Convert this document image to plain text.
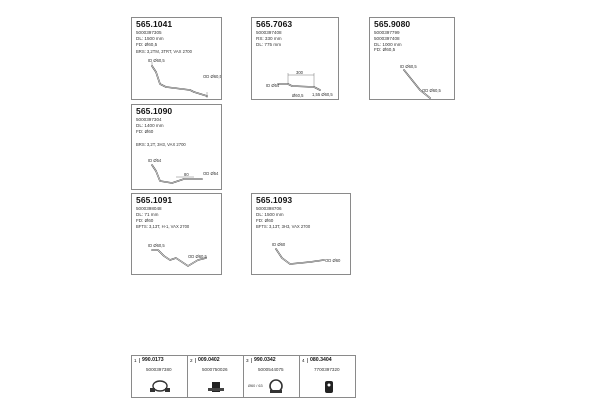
565.1041
5000397305
DL: 1500 mm
FD: Ø60,5
BRS: 3,2TM, 3TRT, VAX 2700
ID Ø60,5
OD Ø60,5
565.7063
5000397408
RS: 330 mm
DL: 775 mm
ID Ø54
300
Ø60,5 1,55 Ø60,5
565.9080
5000397799
5000397408
DL: 1000 mm
FD: Ø60,5
ID Ø60,5
OD Ø60,5
565.1090
5000397304
DL: 1400 mm
FD: Ø60
BRS: 3,2T, 3H3, VAX 2700
ID Ø54
OD Ø54
80
565.1091
5000398048
DL: 71 mm
FD: Ø60
BFTS: 3,13T, H-1, VAX 2700
ID Ø60,5
OD Ø60,5
565.1093
5000398706
DL: 1500 mm
FD: Ø60
BFTS: 3,13T, 3H3, VAX 2700
ID Ø60
OD Ø60
1	990.0173
5000397380
2	009.0402
5000750026
3	990.0342
5000544075
Ø60 / 63
4	080.3404
7700397320
